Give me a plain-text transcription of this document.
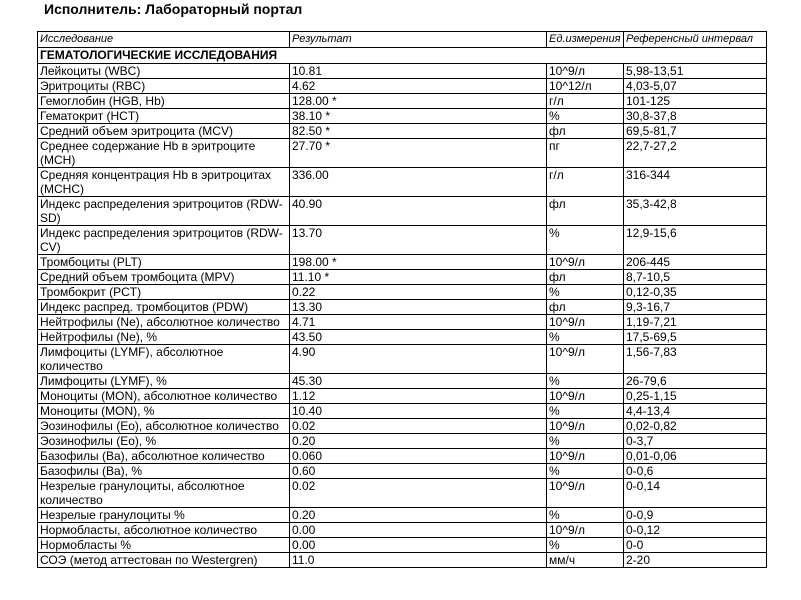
Исполнитель: Лабораторный портал
Исследование	Результат	Ед.измерения	Референсный интервал
ГЕМАТОЛОГИЧЕСКИЕ ИССЛЕДОВАНИЯ			
Лейкоциты (WBC)	10.81	10^9/л	5,98-13,51
Эритроциты (RBC)	4.62	10^12/л	4,03-5,07
Гемоглобин (HGB, Hb)	128.00 *	г/л	101-125
Гематокрит (HCT)	38.10 *	%	30,8-37,8
Средний объем эритроцита (MCV)	82.50 *	фл	69,5-81,7
Среднее содержание Hb в эритроците (MCH)	27.70 *	пг	22,7-27,2
Средняя концентрация Hb в эритроцитах (MCHC)	336.00	г/л	316-344
Индекс распределения эритроцитов (RDW-SD)	40.90	фл	35,3-42,8
Индекс распределения эритроцитов (RDW-CV)	13.70	%	12,9-15,6
Тромбоциты (PLT)	198.00 *	10^9/л	206-445
Средний объем тромбоцита (MPV)	11.10 *	фл	8,7-10,5
Тромбокрит (PCT)	0.22	%	0,12-0,35
Индекс распред. тромбоцитов (PDW)	13.30	фл	9,3-16,7
Нейтрофилы (Ne), абсолютное количество	4.71	10^9/л	1,19-7,21
Нейтрофилы (Ne), %	43.50	%	17,5-69,5
Лимфоциты (LYMF), абсолютное количество	4.90	10^9/л	1,56-7,83
Лимфоциты (LYMF), %	45.30	%	26-79,6
Моноциты (MON), абсолютное количество	1.12	10^9/л	0,25-1,15
Моноциты (MON), %	10.40	%	4,4-13,4
Эозинофилы (Eo), абсолютное количество	0.02	10^9/л	0,02-0,82
Эозинофилы (Eo), %	0.20	%	0-3,7
Базофилы (Ba), абсолютное количество	0.060	10^9/л	0,01-0,06
Базофилы (Ba), %	0.60	%	0-0,6
Незрелые гранулоциты, абсолютное количество	0.02	10^9/л	0-0,14
Незрелые гранулоциты %	0.20	%	0-0,9
Нормобласты, абсолютное количество	0.00	10^9/л	0-0,12
Нормобласты %	0.00	%	0-0
СОЭ (метод аттестован по Westergren)	11.0	мм/ч	2-20
